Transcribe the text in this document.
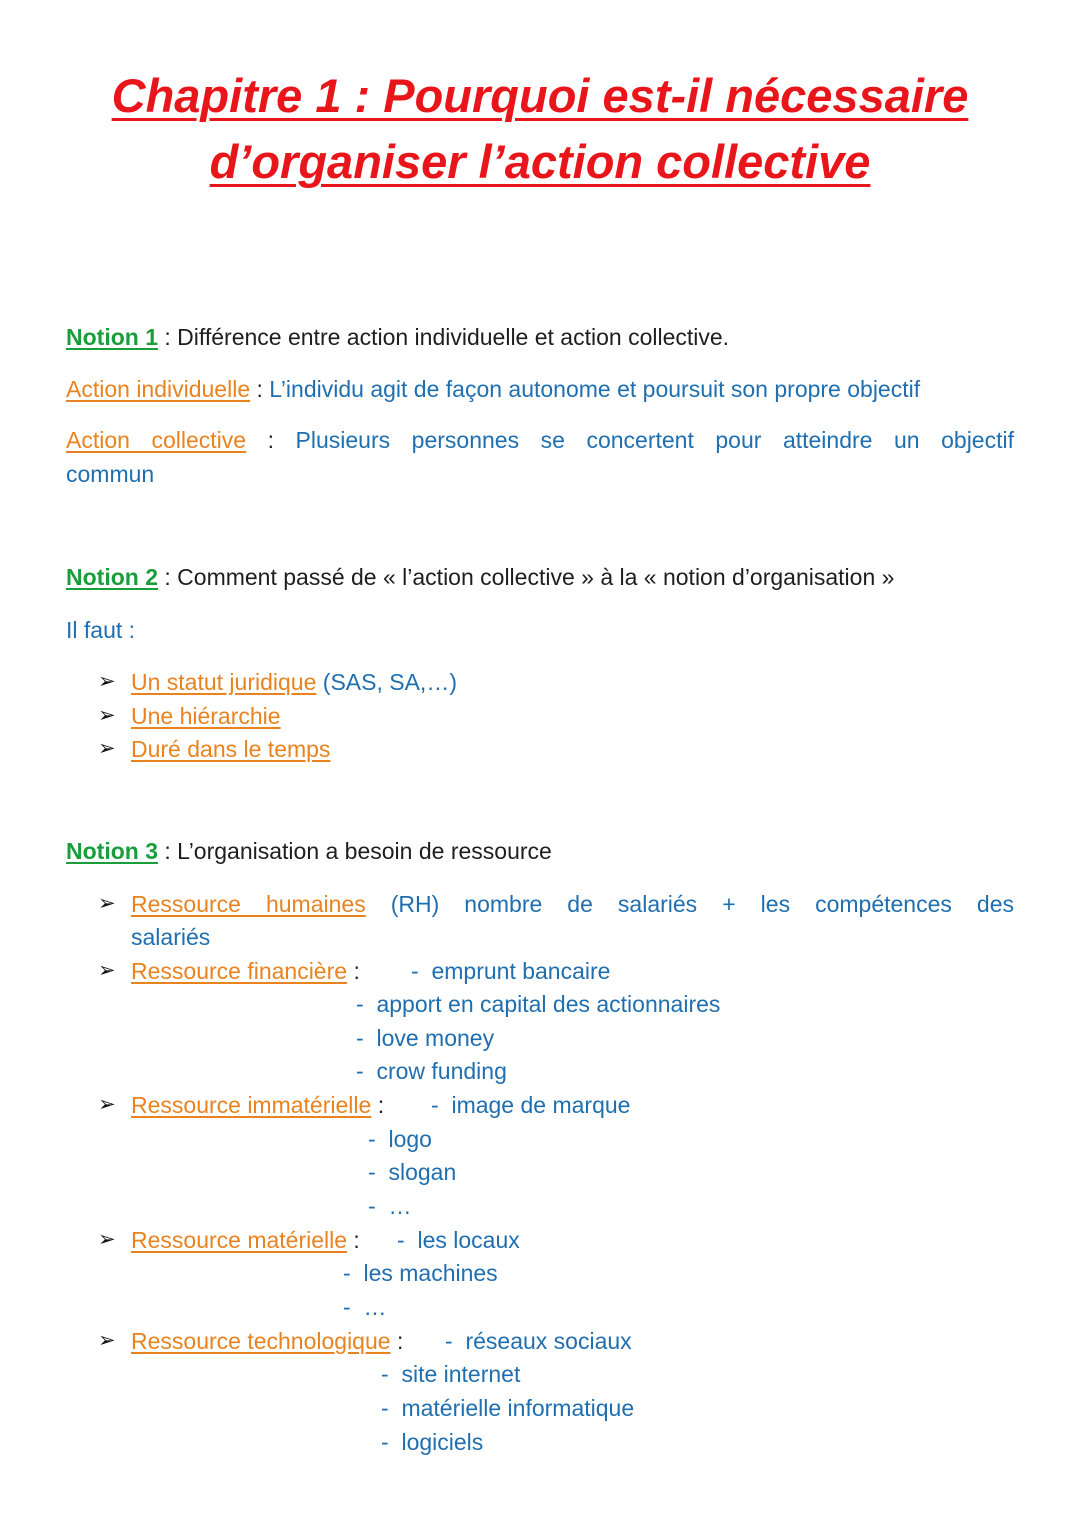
Chapitre 1 : Pourquoi est-il nécessaire
d’organiser l’action collective
Notion 1 : Différence entre action individuelle et action collective.
Action individuelle : L’individu agit de façon autonome et poursuit son propre objectif
Action collective : Plusieurs personnes se concertent pour atteindre un objectif
commun
Notion 2 : Comment passé de « l’action collective » à la « notion d’organisation »
Il faut :
➢ Un statut juridique (SAS, SA,…)
➢ Une hiérarchie
➢ Duré dans le temps
Notion 3 : L’organisation a besoin de ressource
➢ Ressource humaines (RH) nombre de salariés + les compétences des
salariés
➢ Ressource financière : - emprunt bancaire
- apport en capital des actionnaires
- love money
- crow funding
➢ Ressource immatérielle : - image de marque
- logo
- slogan
- …
➢ Ressource matérielle : - les locaux
- les machines
- …
➢ Ressource technologique : - réseaux sociaux
- site internet
- matérielle informatique
- logiciels
